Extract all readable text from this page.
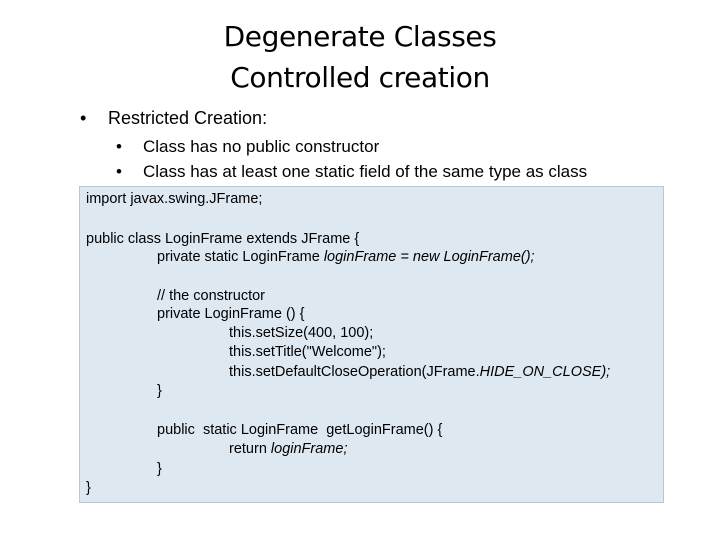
Degenerate Classes
Controlled creation
• Restricted Creation:
• Class has no public constructor
• Class has at least one static field of the same type as class
import javax.swing.JFrame;
public class LoginFrame extends JFrame {
private static LoginFrame loginFrame = new LoginFrame();
// the constructor
private LoginFrame () {
this.setSize(400, 100);
this.setTitle("Welcome");
this.setDefaultCloseOperation(JFrame.HIDE_ON_CLOSE);
}
public  static LoginFrame  getLoginFrame() {
return loginFrame;
}
}
